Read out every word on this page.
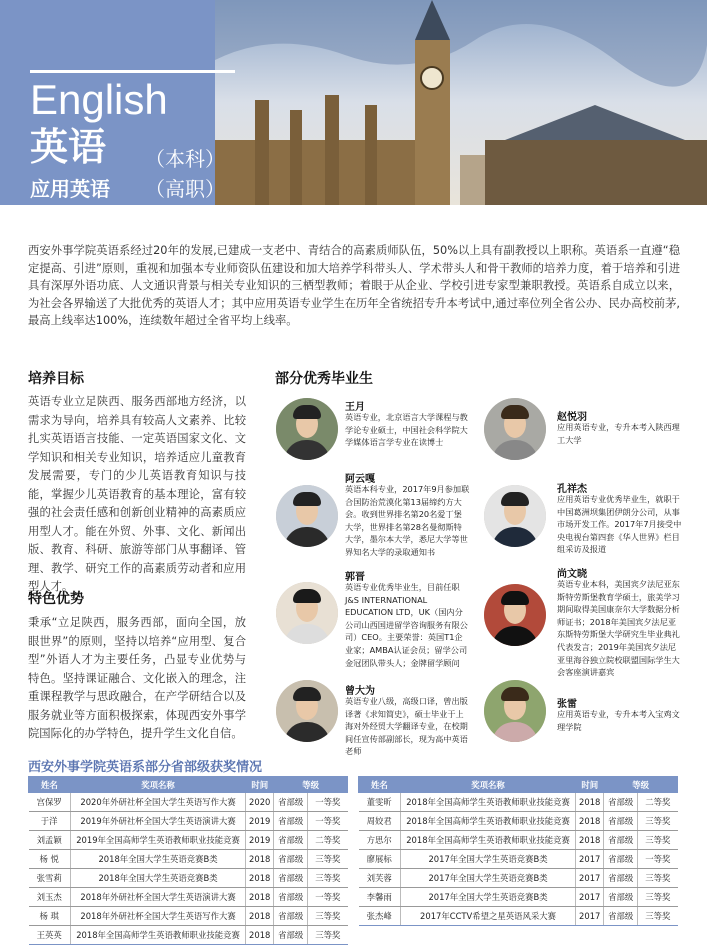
English
英语 （本科）
应用英语 （高职）
西安外事学院英语系经过20年的发展,已建成一支老中、青结合的高素质师队伍，50%以上具有副教授以上职称。英语系一直遵“稳定提高、引进”原则，重视和加强本专业师资队伍建设和加大培养学科带头人、学术带头人和骨干教师的培养力度，着于培养和引进具有深厚外语功底、人文通识背景与相关专业知识的三栖型教师；着眼于从企业、学校引进专家型兼职教授。英语系自成立以来，为社会各界输送了大批优秀的英语人才；其中应用英语专业学生在历年全省统招专升本考试中,通过率位列全省公办、民办高校前茅,最高上线率达100%，连续数年超过全省平均上线率。
培养目标
英语专业立足陕西、服务西部地方经济，以需求为导向，培养具有较高人文素养、比较扎实英语语言技能、一定英语国家文化、文学知识和相关专业知识，培养适应儿童教育发展需要，专门的少儿英语教育知识与技能，掌握少儿英语教育的基本理论，富有较强的社会责任感和创新创业精神的高素质应用型人才。能在外贸、外事、文化、新闻出版、教育、科研、旅游等部门从事翻译、管理、教学、研究工作的高素质劳动者和应用型人才。
特色优势
秉承“立足陕西，服务西部，面向全国，放眼世界”的原则，坚持以培养“应用型、复合型”外语人才为主要任务，凸显专业优势与特色。坚持课证融合、文化嵌入的理念，注重课程教学与思政融合，在产学研结合以及服务就业等方面积极探索，体现西安外事学院国际化的办学特色，提升学生文化自信。
部分优秀毕业生
王月
英语专业，北京语言大学课程与教学论专业硕士，中国社会科学院大学媒体语言学专业在读博士
赵悦羽
应用英语专业，专升本考入陕西理工大学
阿云嘎
英语本科专业，2017年9月参加联合国防治荒漠化第13届缔约方大会。收到世界排名第20名爱丁堡大学，世界排名第28名曼彻斯特大学，墨尔本大学，悉尼大学等世界知名大学的录取通知书
孔祥杰
应用英语专业优秀毕业生，就职于中国葛洲坝集团伊朗分公司，从事市场开发工作。2017年7月接受中央电视台第四套《华人世界》栏目组采访及报道
郭晋
英语专业优秀毕业生，目前任职J&S INTERNATIONAL EDUCATION LTD，UK（国内分公司山西国进留学咨询服务有限公司）CEO。主要荣誉：英国T1企业家；AMBA认证会员；留学公司金冠团队带头人；金牌留学顾问
尚文晓
英语专业本科，美国宾夕法尼亚东斯特劳斯堡教育学硕士，旅美学习期间取得美国康奈尔大学数据分析师证书；2018年美国宾夕法尼亚东斯特劳斯堡大学研究生毕业典礼代表发言；2019年美国宾夕法尼亚里海谷独立院校联盟国际学生大会客座演讲嘉宾
曾大为
英语专业八级，高级口译，曾出版译著《求知简史》，硕士毕业于上海对外经贸大学翻译专业，在校期间任宣传部副部长，现为高中英语老师
张雷
应用英语专业，专升本考入宝鸡文理学院
西安外事学院英语系部分省部级获奖情况
姓名	奖项名称	时间	等级	
宫保罗	2020年外研社杯全国大学生英语写作大赛	2020	省部级	一等奖
于洋	2019年外研社杯全国大学生英语演讲大赛	2019	省部级	一等奖
刘孟颖	2019年全国高师学生英语教师职业技能竞赛	2019	省部级	二等奖
杨 悦	2018年全国大学生英语竞赛B类	2018	省部级	三等奖
张雪莉	2018年全国大学生英语竞赛B类	2018	省部级	三等奖
刘玉杰	2018年外研社杯全国大学生英语演讲大赛	2018	省部级	一等奖
杨 琪	2018年外研社杯全国大学生英语写作大赛	2018	省部级	三等奖
王英英	2018年全国高师学生英语教师职业技能竞赛	2018	省部级	三等奖
姓名	奖项名称	时间	等级	
董雯昕	2018年全国高师学生英语教师职业技能竞赛	2018	省部级	二等奖
周姣君	2018年全国高师学生英语教师职业技能竞赛	2018	省部级	三等奖
方思尔	2018年全国高师学生英语教师职业技能竞赛	2018	省部级	三等奖
廖展标	2017年全国大学生英语竞赛B类	2017	省部级	一等奖
刘芙蓉	2017年全国大学生英语竞赛B类	2017	省部级	三等奖
李馨雨	2017年全国大学生英语竞赛B类	2017	省部级	三等奖
张杰峰	2017年CCTV希望之星英语风采大赛	2017	省部级	三等奖
